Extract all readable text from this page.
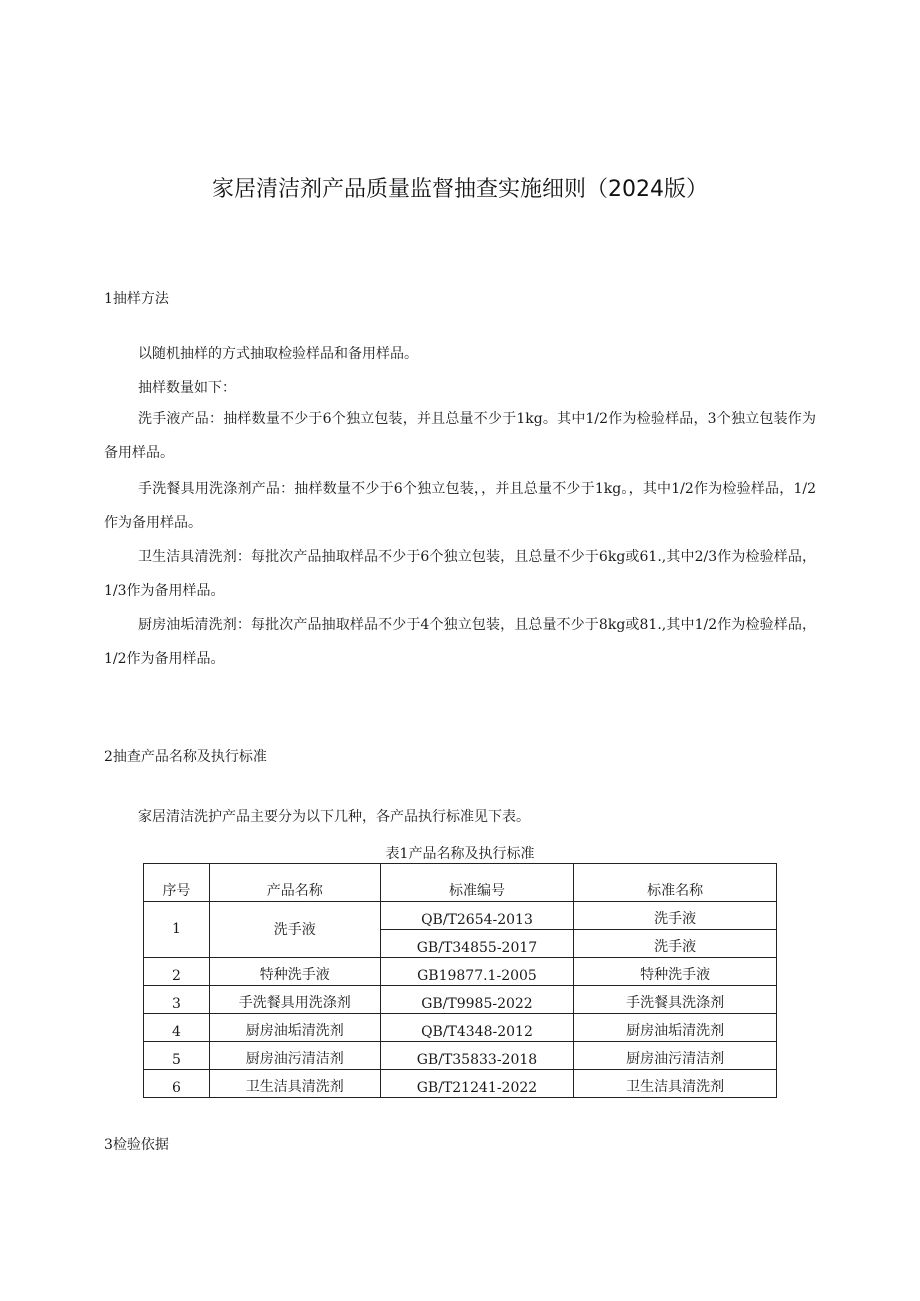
家居清洁剂产品质量监督抽查实施细则（2024版）
1抽样方法
以随机抽样的方式抽取检验样品和备用样品。
抽样数量如下：
洗手液产品：抽样数量不少于6个独立包装，并且总量不少于1kg。其中1/2作为检验样品，3个独立包装作为备用样品。
手洗餐具用洗涤剂产品：抽样数量不少于6个独立包装，，并且总量不少于1kg。，其中1/2作为检验样品，1/2作为备用样品。
卫生洁具清洗剂：每批次产品抽取样品不少于6个独立包装，且总量不少于6kg或61.,其中2/3作为检验样品，1/3作为备用样品。
厨房油垢清洗剂：每批次产品抽取样品不少于4个独立包装，且总量不少于8kg或81.,其中1/2作为检验样品，1/2作为备用样品。
2抽查产品名称及执行标准
家居清洁洗护产品主要分为以下几种，各产品执行标准见下表。
表1产品名称及执行标准
序号	产品名称	标准编号	标准名称
1	洗手液	QB/T2654-2013	洗手液
		GB/T34855-2017	洗手液
2	特种洗手液	GB19877.1-2005	特种洗手液
3	手洗餐具用洗涤剂	GB/T9985-2022	手洗餐具洗涤剂
4	厨房油垢清洗剂	QB/T4348-2012	厨房油垢清洗剂
5	厨房油污清洁剂	GB/T35833-2018	厨房油污清洁剂
6	卫生洁具清洗剂	GB/T21241-2022	卫生洁具清洗剂
3检验依据
